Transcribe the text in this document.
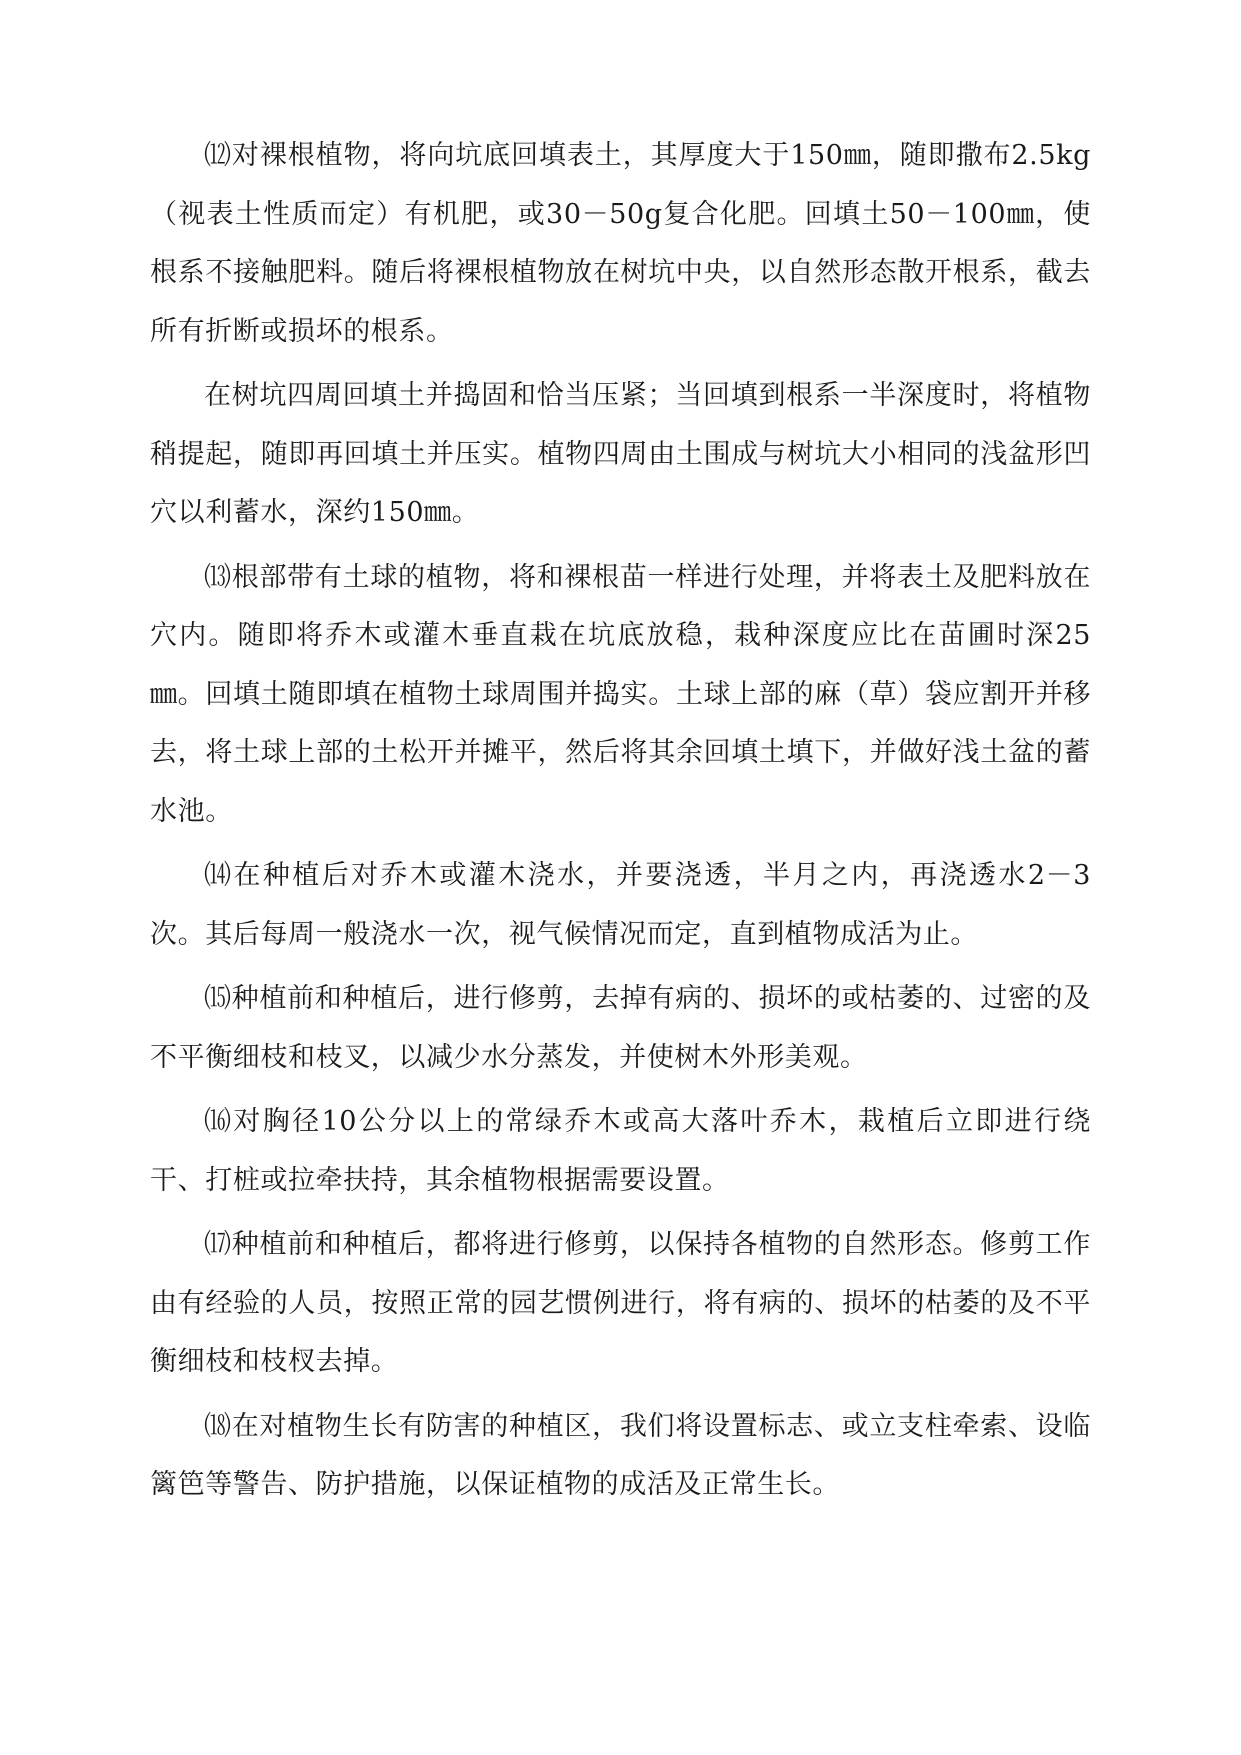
⑿对裸根植物，将向坑底回填表土，其厚度大于150㎜，随即撒布2.5kg（视表土性质而定）有机肥，或30－50g复合化肥。回填土50－100㎜，使根系不接触肥料。随后将裸根植物放在树坑中央，以自然形态散开根系，截去所有折断或损坏的根系。

在树坑四周回填土并捣固和恰当压紧；当回填到根系一半深度时，将植物稍提起，随即再回填土并压实。植物四周由土围成与树坑大小相同的浅盆形凹穴以利蓄水，深约150㎜。

⒀根部带有土球的植物，将和裸根苗一样进行处理，并将表土及肥料放在穴内。随即将乔木或灌木垂直栽在坑底放稳，栽种深度应比在苗圃时深25㎜。回填土随即填在植物土球周围并捣实。土球上部的麻（草）袋应割开并移去，将土球上部的土松开并摊平，然后将其余回填土填下，并做好浅土盆的蓄水池。

⒁在种植后对乔木或灌木浇水，并要浇透，半月之内，再浇透水2－3次。其后每周一般浇水一次，视气候情况而定，直到植物成活为止。

⒂种植前和种植后，进行修剪，去掉有病的、损坏的或枯萎的、过密的及不平衡细枝和枝叉，以减少水分蒸发，并使树木外形美观。

⒃对胸径10公分以上的常绿乔木或高大落叶乔木，栽植后立即进行绕干、打桩或拉牵扶持，其余植物根据需要设置。

⒄种植前和种植后，都将进行修剪，以保持各植物的自然形态。修剪工作由有经验的人员，按照正常的园艺惯例进行，将有病的、损坏的枯萎的及不平衡细枝和枝杈去掉。

⒅在对植物生长有防害的种植区，我们将设置标志、或立支柱牵索、设临篱笆等警告、防护措施，以保证植物的成活及正常生长。
